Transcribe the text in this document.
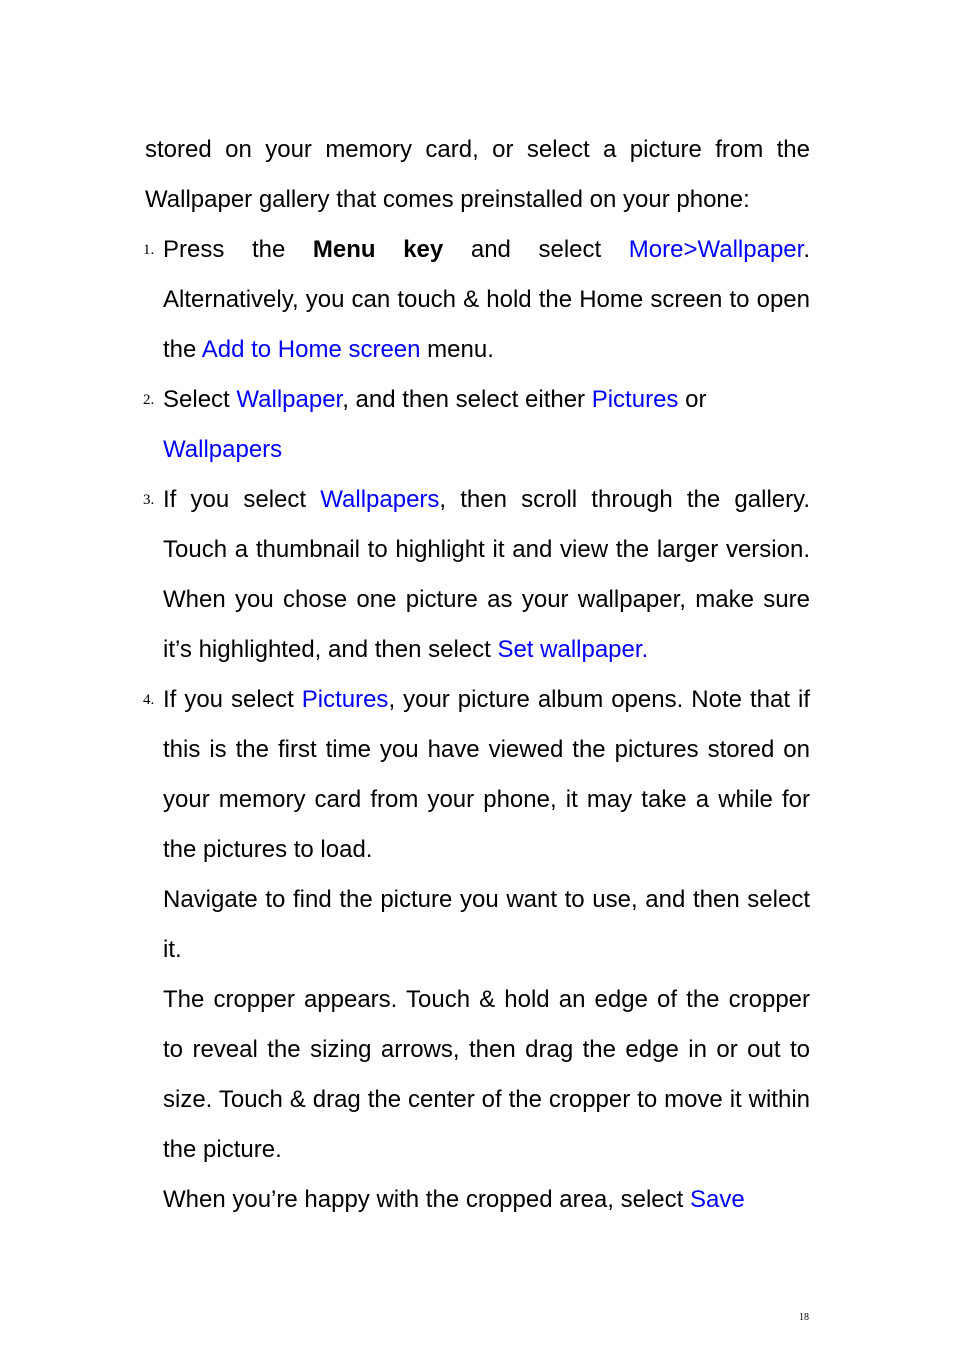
stored on your memory card, or select a picture from the Wallpaper gallery that comes preinstalled on your phone:

1. Press the Menu key and select More>Wallpaper. Alternatively, you can touch & hold the Home screen to open the Add to Home screen menu.
2. Select Wallpaper, and then select either Pictures or
Wallpapers
3. If you select Wallpapers, then scroll through the gallery. Touch a thumbnail to highlight it and view the larger version. When you chose one picture as your wallpaper, make sure it’s highlighted, and then select Set wallpaper.
4. If you select Pictures, your picture album opens. Note that if this is the first time you have viewed the pictures stored on your memory card from your phone, it may take a while for the pictures to load.
Navigate to find the picture you want to use, and then select it.
The cropper appears. Touch & hold an edge of the cropper to reveal the sizing arrows, then drag the edge in or out to size. Touch & drag the center of the cropper to move it within the picture.
When you’re happy with the cropped area, select Save
18
